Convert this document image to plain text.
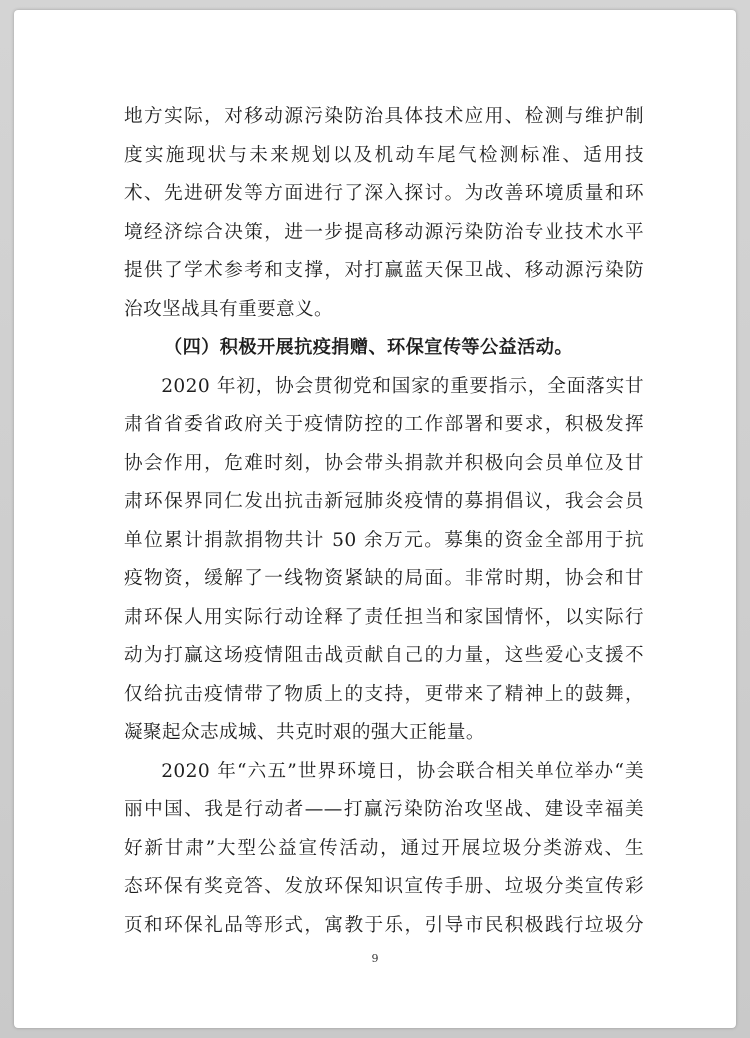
地方实际，对移动源污染防治具体技术应用、检测与维护制
度实施现状与未来规划以及机动车尾气检测标准、适用技
术、先进研发等方面进行了深入探讨。为改善环境质量和环
境经济综合决策，进一步提高移动源污染防治专业技术水平
提供了学术参考和支撑，对打赢蓝天保卫战、移动源污染防
治攻坚战具有重要意义。
（四）积极开展抗疫捐赠、环保宣传等公益活动。
2020 年初，协会贯彻党和国家的重要指示，全面落实甘
肃省省委省政府关于疫情防控的工作部署和要求，积极发挥
协会作用，危难时刻，协会带头捐款并积极向会员单位及甘
肃环保界同仁发出抗击新冠肺炎疫情的募捐倡议，我会会员
单位累计捐款捐物共计 50 余万元。募集的资金全部用于抗
疫物资，缓解了一线物资紧缺的局面。非常时期，协会和甘
肃环保人用实际行动诠释了责任担当和家国情怀，以实际行
动为打赢这场疫情阻击战贡献自己的力量，这些爱心支援不
仅给抗击疫情带了物质上的支持，更带来了精神上的鼓舞，
凝聚起众志成城、共克时艰的强大正能量。
2020 年“六五”世界环境日，协会联合相关单位举办“美
丽中国、我是行动者——打赢污染防治攻坚战、建设幸福美
好新甘肃”大型公益宣传活动，通过开展垃圾分类游戏、生
态环保有奖竞答、发放环保知识宣传手册、垃圾分类宣传彩
页和环保礼品等形式，寓教于乐，引导市民积极践行垃圾分
9
